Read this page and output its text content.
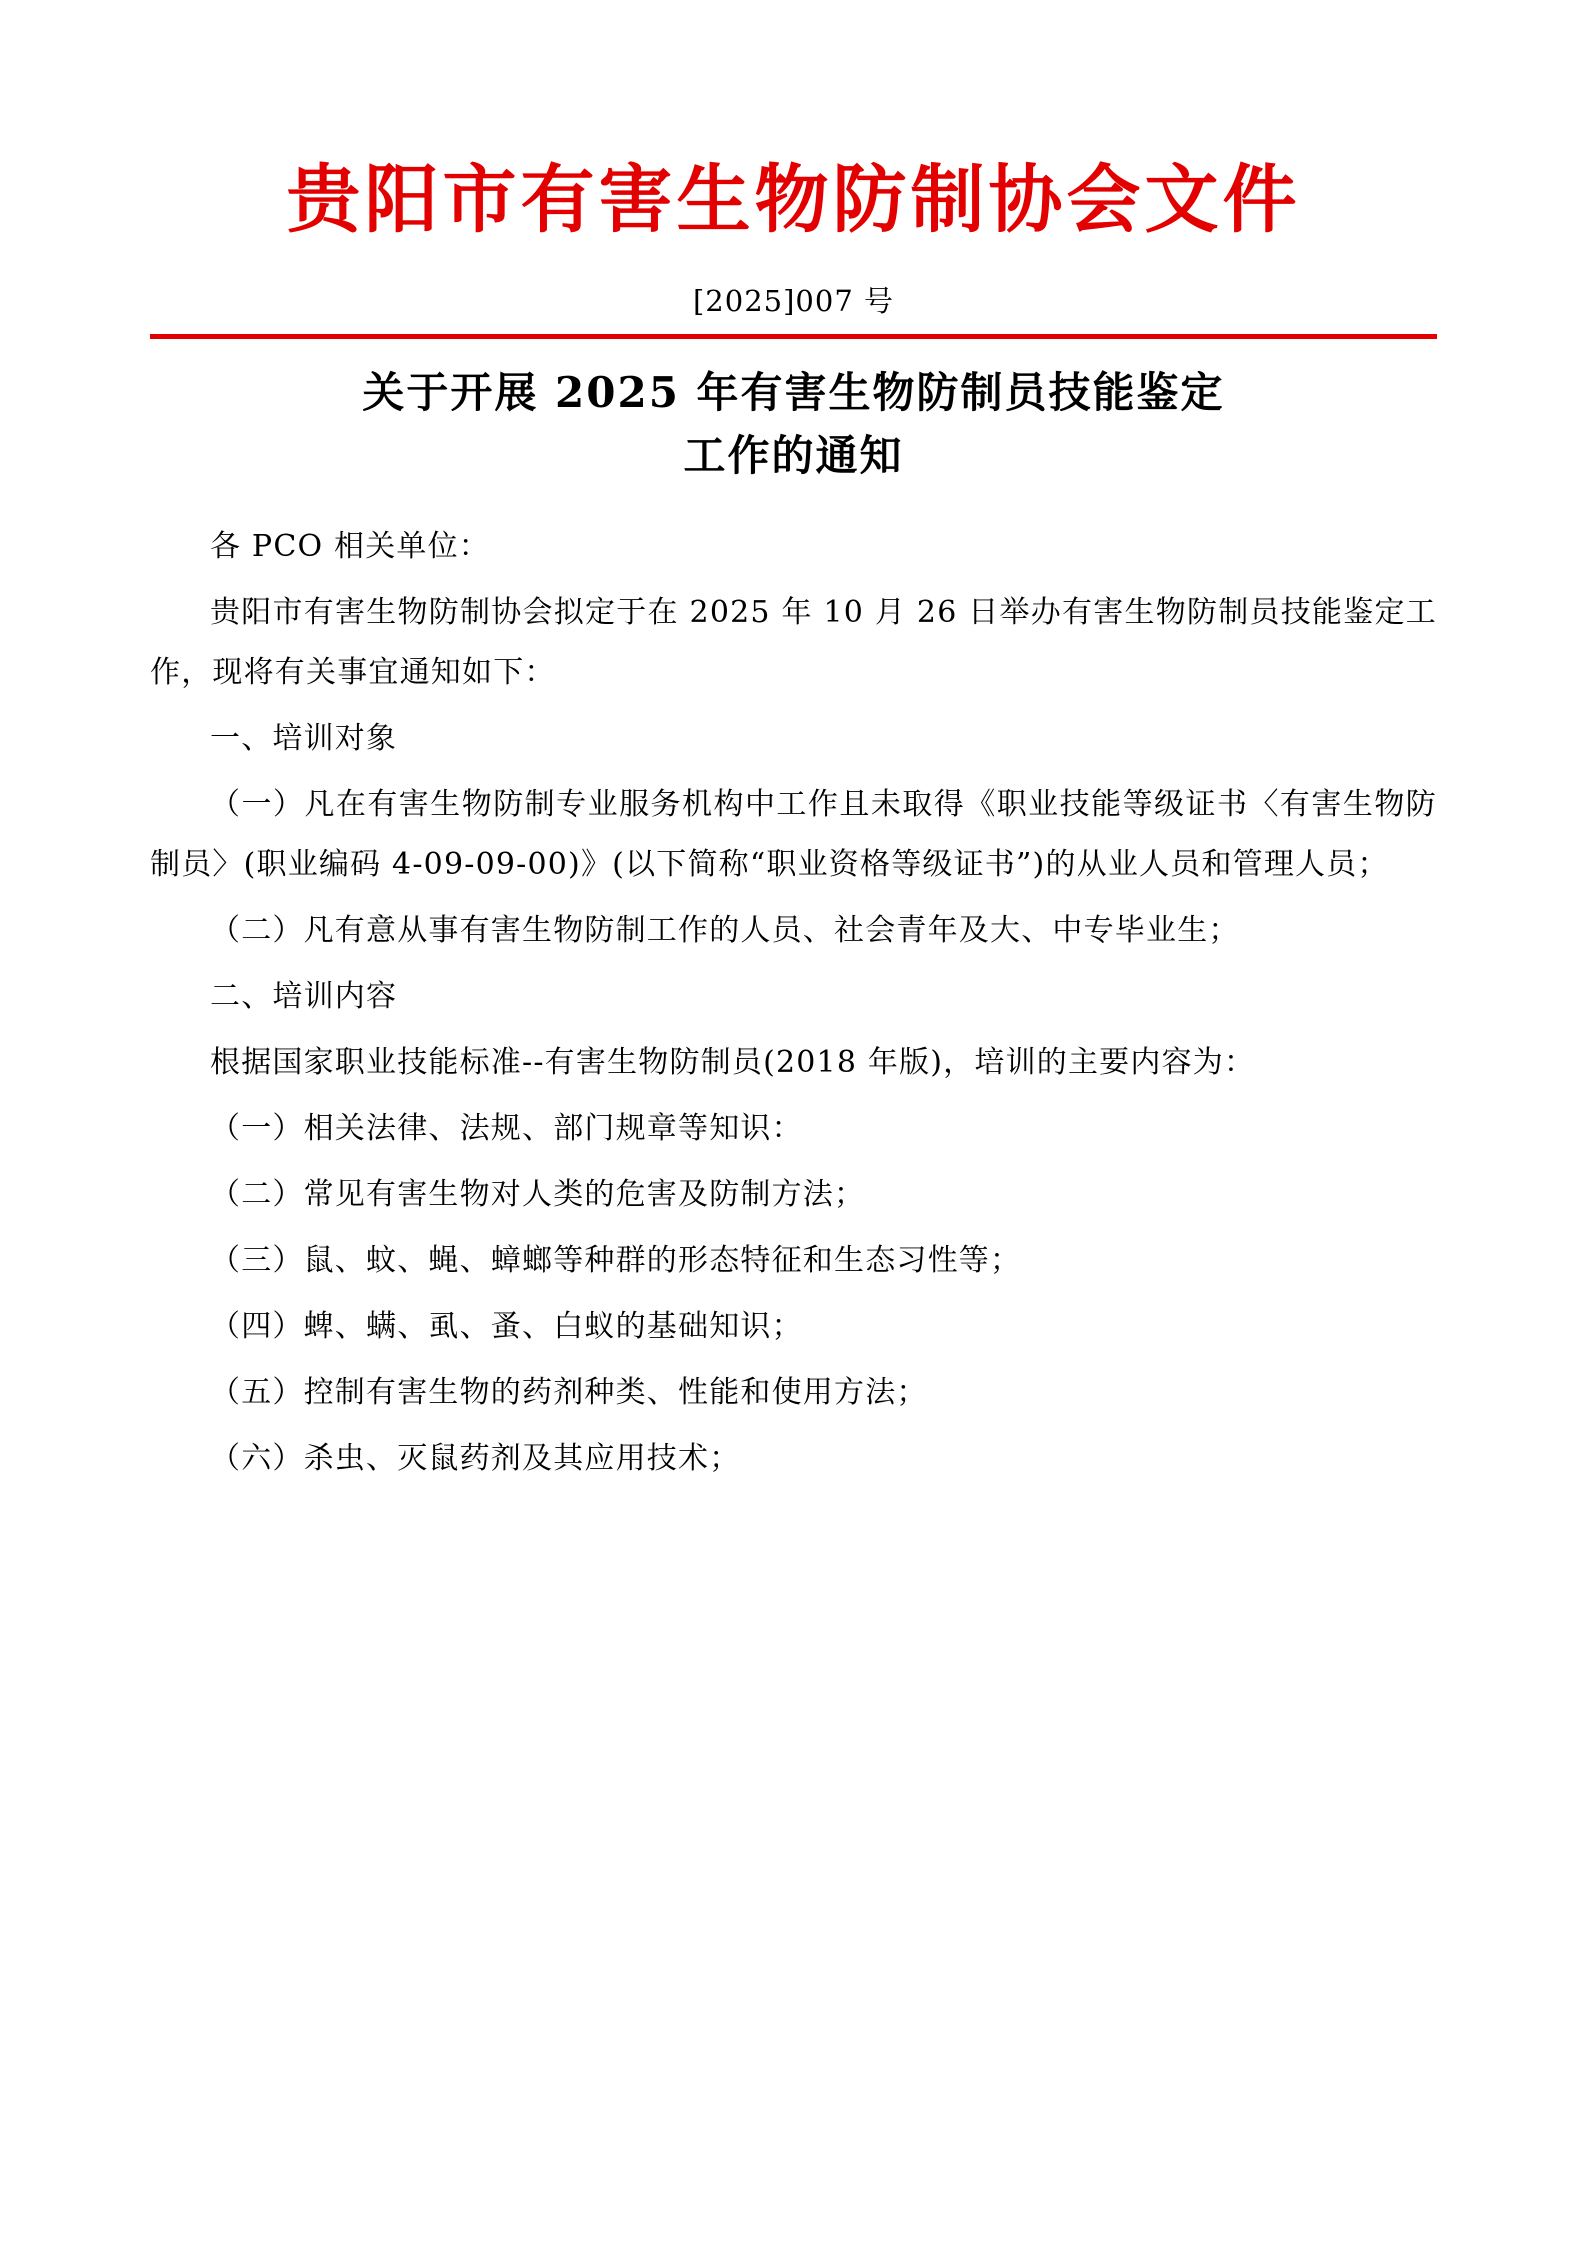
贵阳市有害生物防制协会文件
[2025]007 号
关于开展 2025 年有害生物防制员技能鉴定
工作的通知

各 PCO 相关单位：

贵阳市有害生物防制协会拟定于在 2025 年 10 月 26 日举办有害生物防制员技能鉴定工作，现将有关事宜通知如下：

一、培训对象

（一）凡在有害生物防制专业服务机构中工作且未取得《职业技能等级证书〈有害生物防制员〉(职业编码 4-09-09-00)》(以下简称“职业资格等级证书”)的从业人员和管理人员；

（二）凡有意从事有害生物防制工作的人员、社会青年及大、中专毕业生；

二、培训内容

根据国家职业技能标准--有害生物防制员(2018 年版)，培训的主要内容为：

（一）相关法律、法规、部门规章等知识：

（二）常见有害生物对人类的危害及防制方法；

（三）鼠、蚊、蝇、蟑螂等种群的形态特征和生态习性等；

（四）蜱、螨、虱、蚤、白蚁的基础知识；

（五）控制有害生物的药剂种类、性能和使用方法；

（六）杀虫、灭鼠药剂及其应用技术；
